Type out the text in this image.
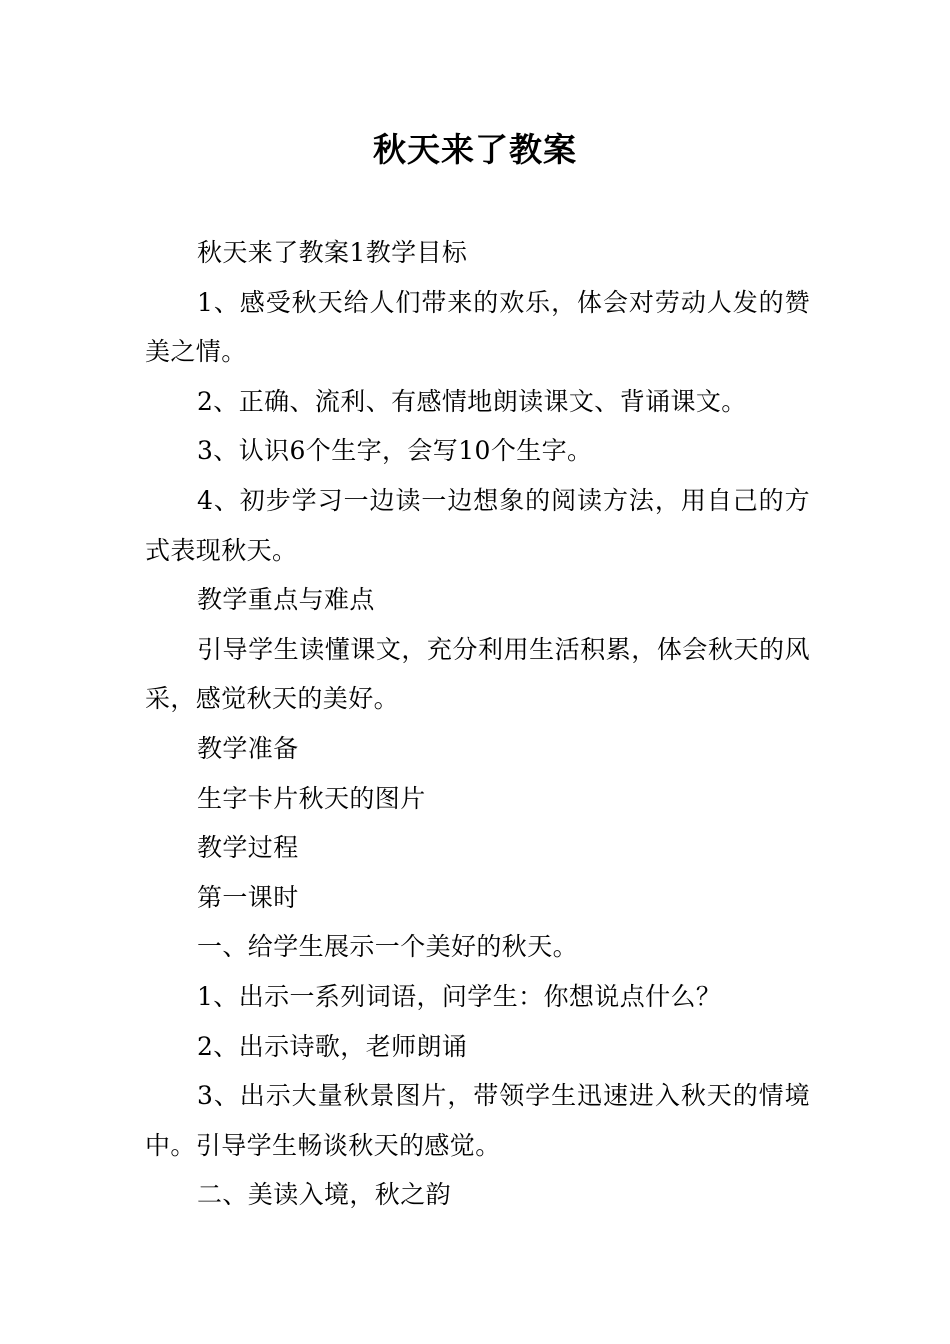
秋天来了教案

秋天来了教案1教学目标

1、感受秋天给人们带来的欢乐，体会对劳动人发的赞美之情。

2、正确、流利、有感情地朗读课文、背诵课文。

3、认识6个生字，会写10个生字。

4、初步学习一边读一边想象的阅读方法，用自己的方式表现秋天。

教学重点与难点

引导学生读懂课文，充分利用生活积累，体会秋天的风采，感觉秋天的美好。

教学准备

生字卡片秋天的图片

教学过程

第一课时

一、给学生展示一个美好的秋天。

1、出示一系列词语，问学生：你想说点什么？

2、出示诗歌，老师朗诵

3、出示大量秋景图片，带领学生迅速进入秋天的情境中。引导学生畅谈秋天的感觉。

二、美读入境，秋之韵
